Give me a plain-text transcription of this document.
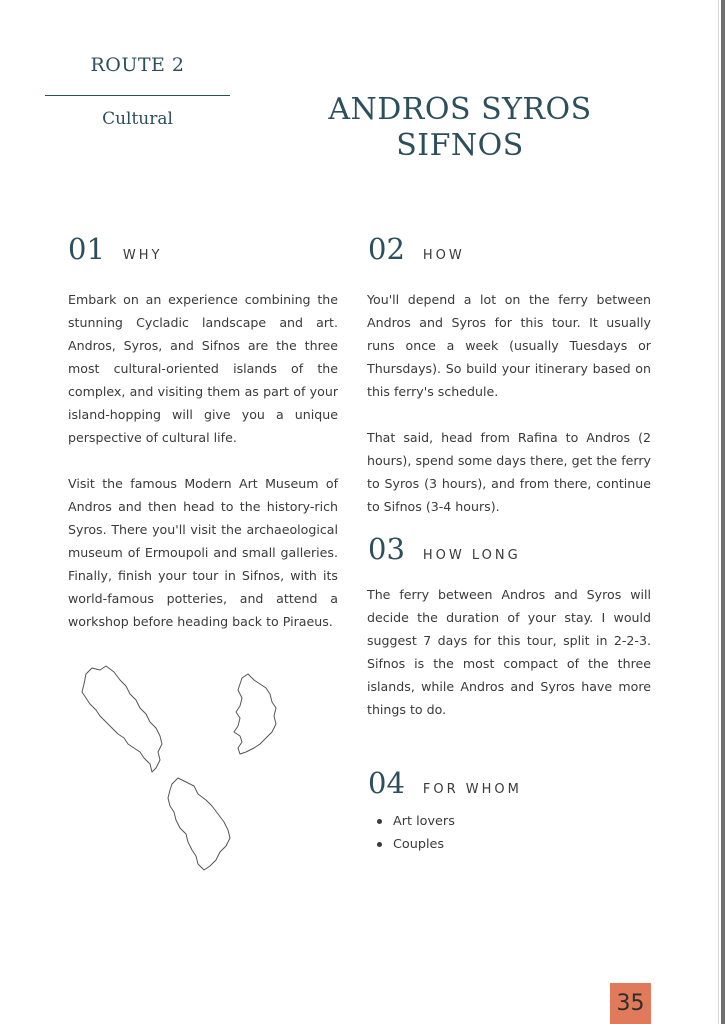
ROUTE 2
Cultural	ANDROS SYROS
SIFNOS
01 WHY

Embark on an experience combining the stunning Cycladic landscape and art. Andros, Syros, and Sifnos are the three most cultural-oriented islands of the complex, and visiting them as part of your island-hopping will give you a unique perspective of cultural life.

Visit the famous Modern Art Museum of Andros and then head to the history-rich Syros. There you'll visit the archaeological museum of Ermoupoli and small galleries. Finally, finish your tour in Sifnos, with its world-famous potteries, and attend a workshop before heading back to Piraeus.

02 HOW

You'll depend a lot on the ferry between Andros and Syros for this tour. It usually runs once a week (usually Tuesdays or Thursdays). So build your itinerary based on this ferry's schedule.

That said, head from Rafina to Andros (2 hours), spend some days there, get the ferry to Syros (3 hours), and from there, continue to Sifnos (3-4 hours).

03 HOW LONG

The ferry between Andros and Syros will decide the duration of your stay. I would suggest 7 days for this tour, split in 2-2-3. Sifnos is the most compact of the three islands, while Andros and Syros have more things to do.

04 FOR WHOM
Art lovers
Couples
35
